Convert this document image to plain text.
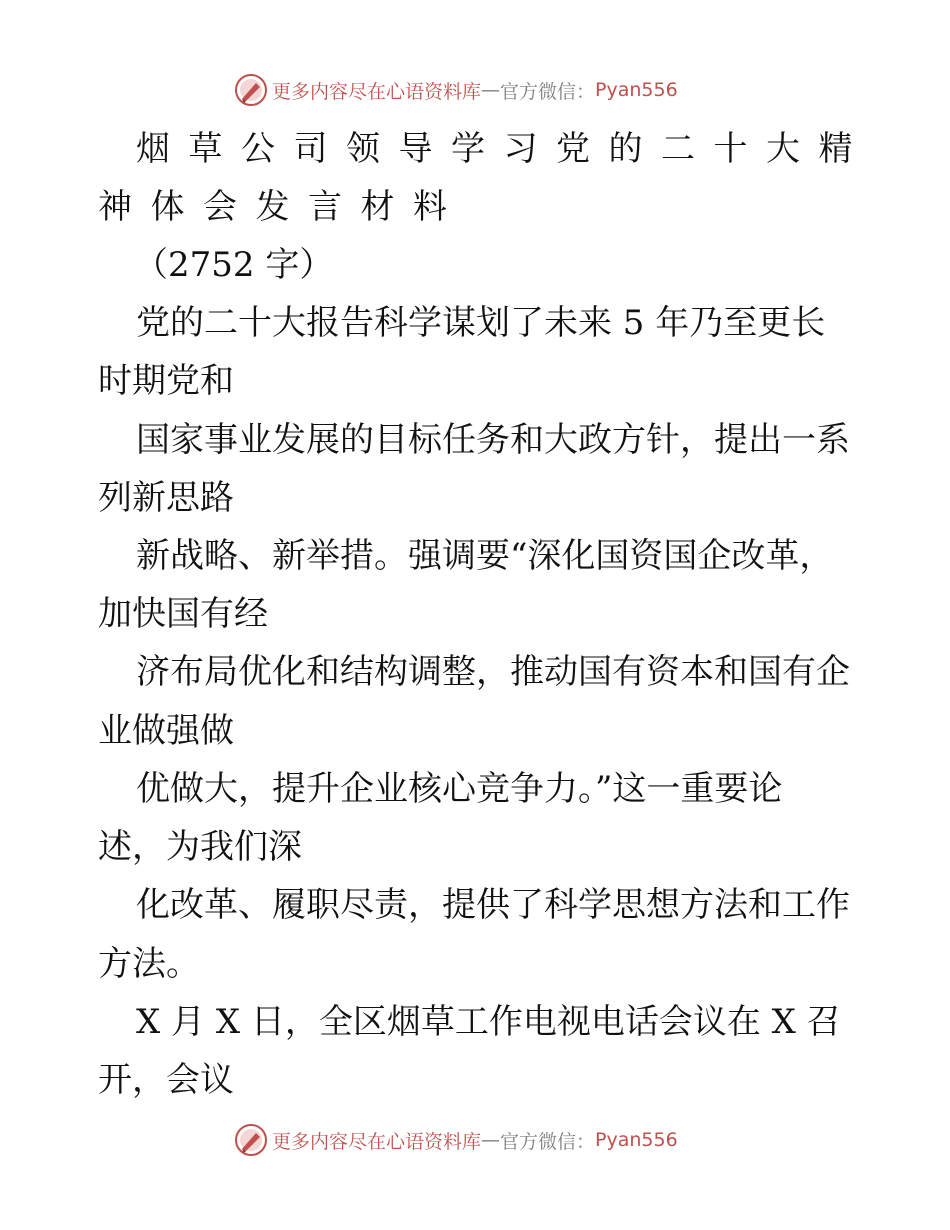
更多内容尽在心语资料库 — 官方微信： Pyan556
烟草公司领导学习党的二十大精
神体会发言材料
（2752 字）
党的二十大报告科学谋划了未来 5 年乃至更长
时期党和
国家事业发展的目标任务和大政方针，提出一系
列新思路
新战略、新举措。强调要“深化国资国企改革，
加快国有经
济布局优化和结构调整，推动国有资本和国有企
业做强做
优做大，提升企业核心竞争力。”这一重要论
述，为我们深
化改革、履职尽责，提供了科学思想方法和工作
方法。
X 月 X 日，全区烟草工作电视电话会议在 X 召
开，会议
更多内容尽在心语资料库 — 官方微信： Pyan556
